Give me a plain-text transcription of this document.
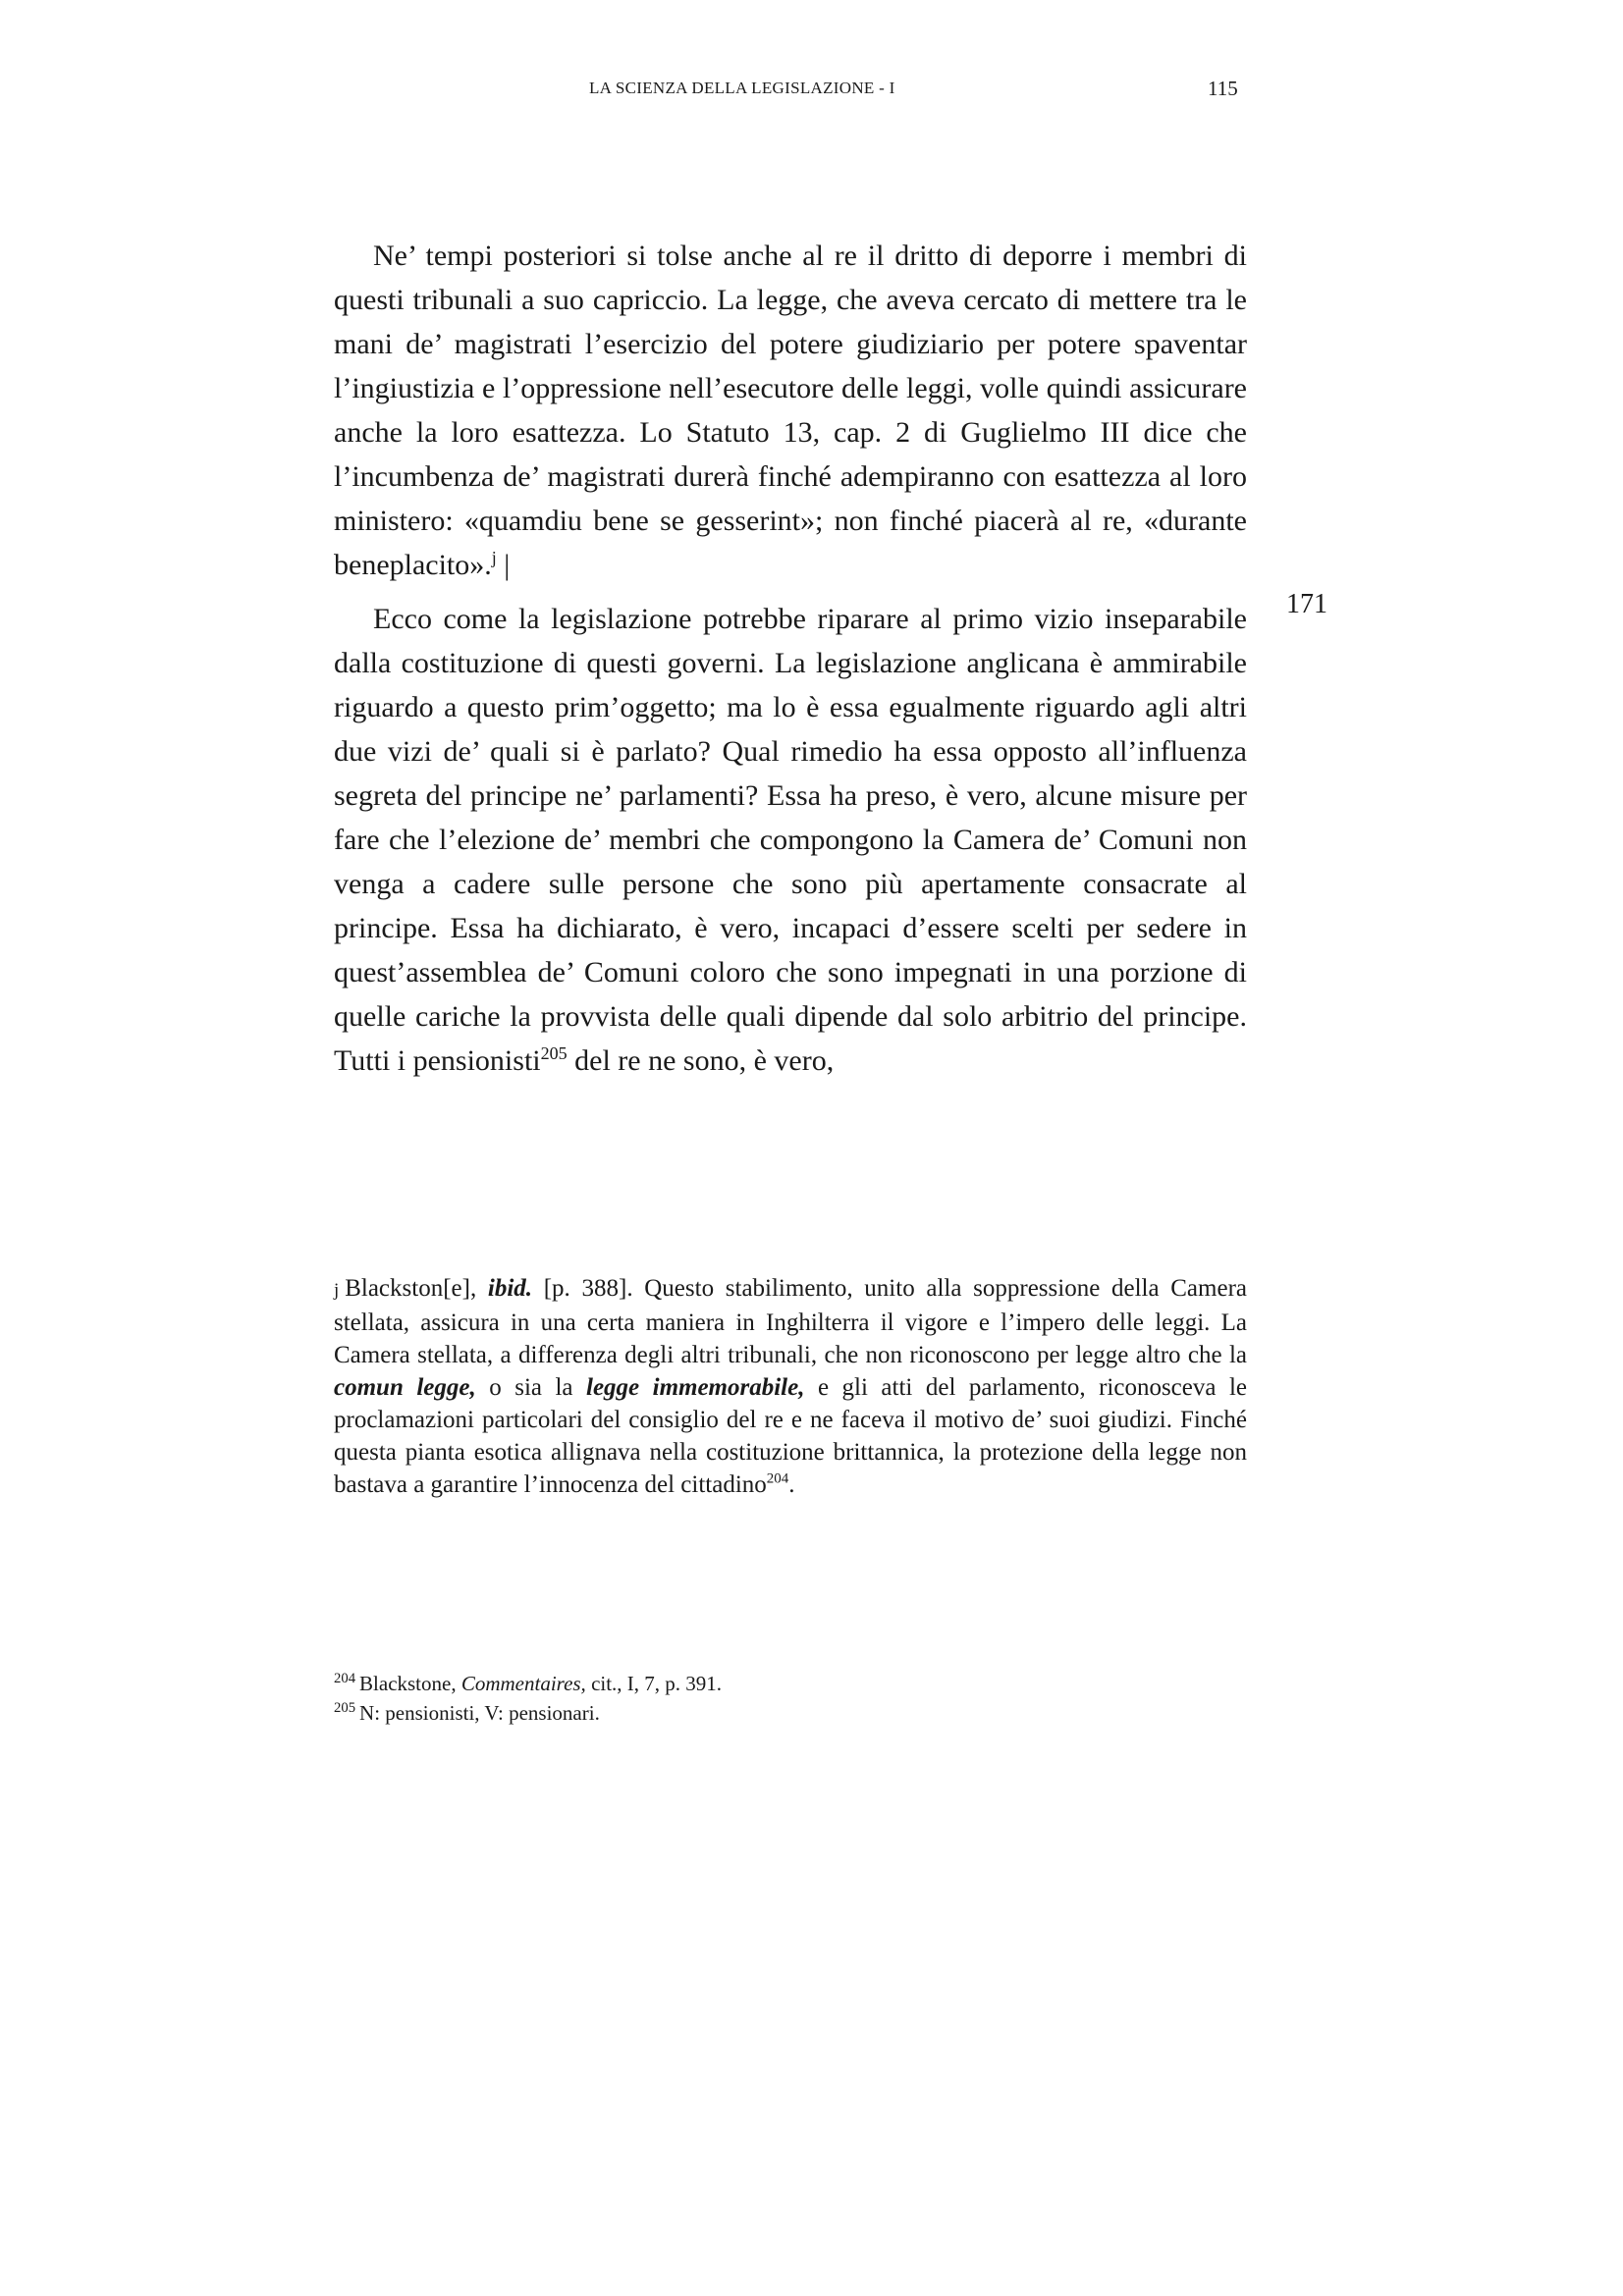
LA SCIENZA DELLA LEGISLAZIONE - I	115

Ne’ tempi posteriori si tolse anche al re il dritto di deporre i membri di questi tribunali a suo capriccio. La legge, che aveva cercato di mettere tra le mani de’ magistrati l’esercizio del potere giudiziario per potere spaventar l’ingiustizia e l’oppressione nell’esecutore delle leggi, volle quindi assicurare anche la loro esattezza. Lo Statuto 13, cap. 2 di Guglielmo III dice che l’incumbenza de’ magistrati durerà finché adempiranno con esattezza al loro ministero: «quamdiu bene se gesserint»; non finché piacerà al re, «durante beneplacito».$^j$ |

Ecco come la legislazione potrebbe riparare al primo vizio inseparabile dalla costituzione di questi governi. La legislazione anglicana è ammirabile riguardo a questo prim’oggetto; ma lo è essa egualmente riguardo agli altri due vizi de’ quali si è parlato? Qual rimedio ha essa opposto all’influenza segreta del principe ne’ parlamenti? Essa ha preso, è vero, alcune misure per fare che l’elezione de’ membri che compongono la Camera de’ Comuni non venga a cadere sulle persone che sono più apertamente consacrate al principe. Essa ha dichiarato, è vero, incapaci d’essere scelti per sedere in quest’assemblea de’ Comuni coloro che sono impegnati in una porzione di quelle cariche la provvista delle quali dipende dal solo arbitrio del principe. Tutti i pensionisti$^{205}$ del re ne sono, è vero,

171

j Blackston[e], ibid. [p. 388]. Questo stabilimento, unito alla soppressione della Camera stellata, assicura in una certa maniera in Inghilterra il vigore e l’impero delle leggi. La Camera stellata, a differenza degli altri tribunali, che non riconoscono per legge altro che la comun legge, o sia la legge immemorabile, e gli atti del parlamento, riconosceva le proclamazioni particolari del consiglio del re e ne faceva il motivo de’ suoi giudizi. Finché questa pianta esotica allignava nella costituzione brittannica, la protezione della legge non bastava a garantire l’innocenza del cittadino$^{204}$.

$^{204}$ Blackstone, Commentaires, cit., I, 7, p. 391.

$^{205}$ N: pensionisti, V: pensionari.
